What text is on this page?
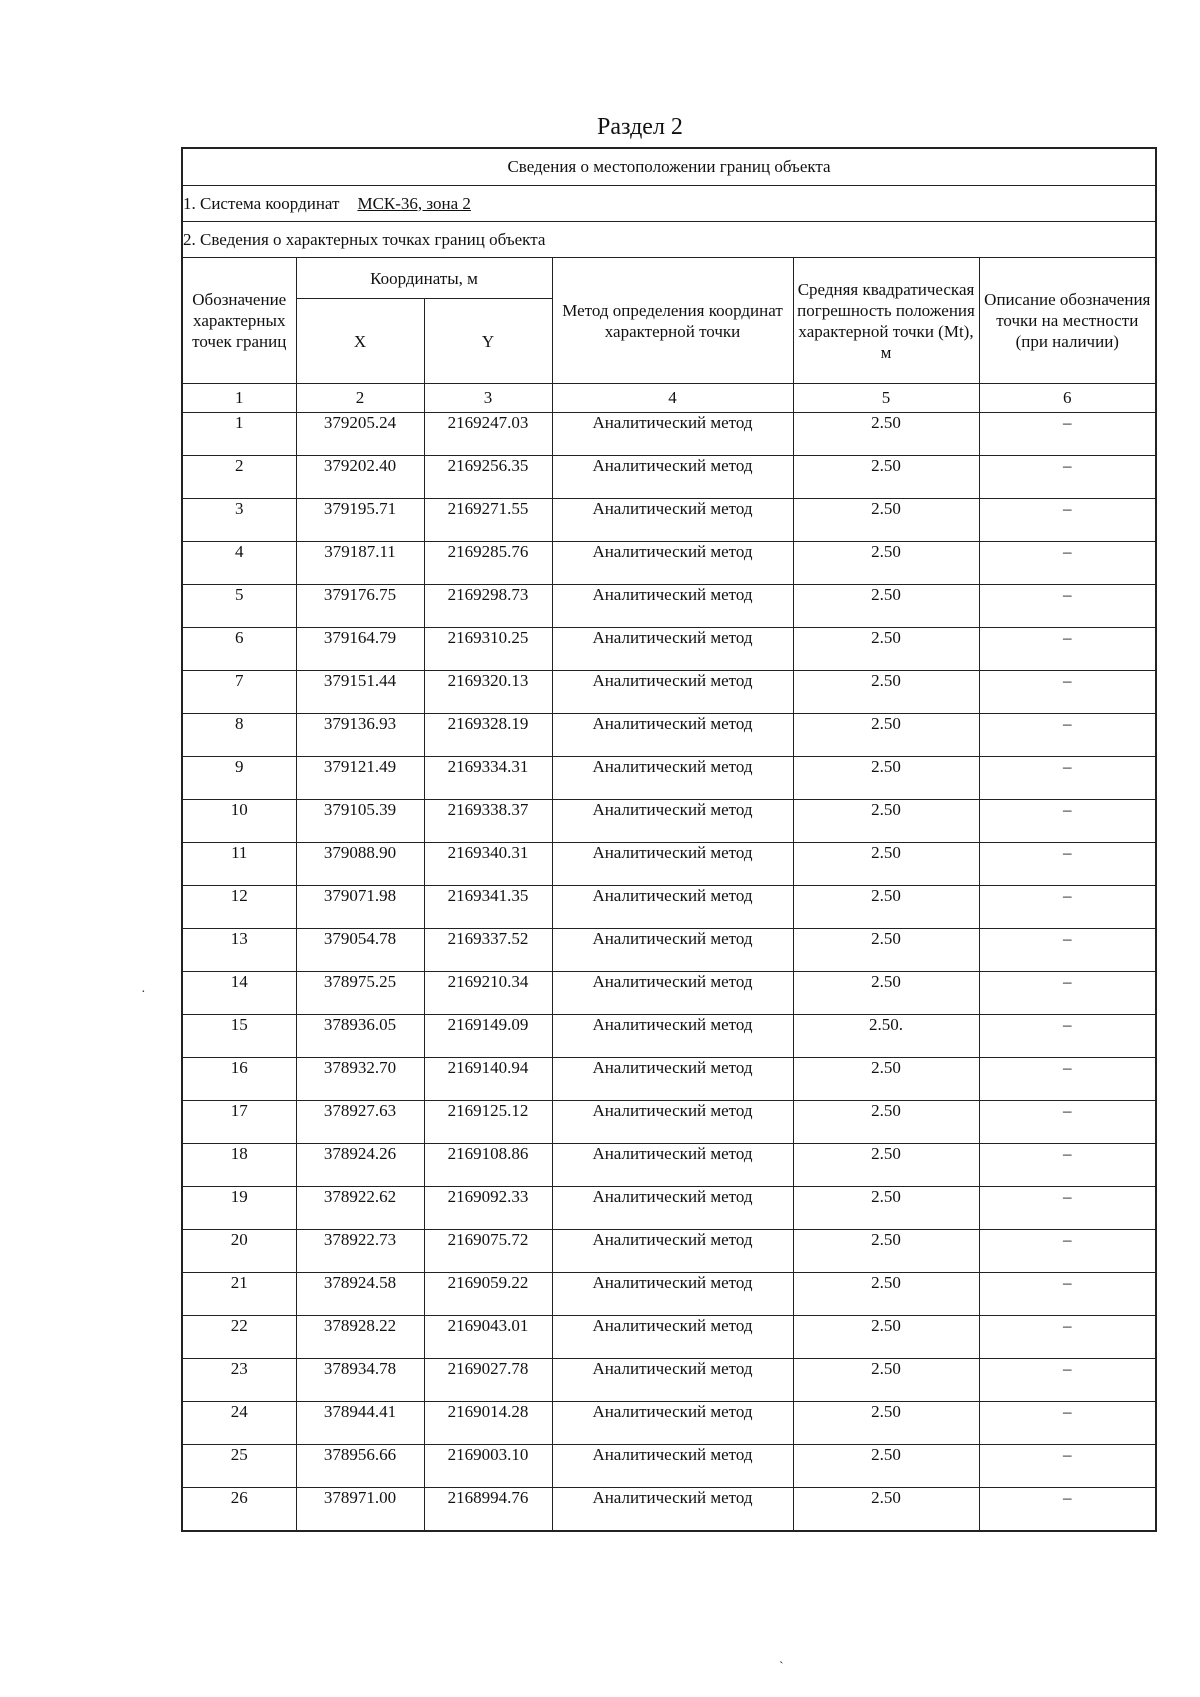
Раздел 2
Сведения о местоположении границ объекта					
1. Система координат МСК-36, зона 2					
2. Сведения о характерных точках границ объекта					
Обозначение характерных точек границ	Координаты, м		Метод определения координат характерной точки	Средняя квадратическая погрешность положения характерной точки (Mt), м	Описание обозначения точки на местности (при наличии)
	X	Y			
1	2	3	4	5	6
1	379205.24	2169247.03	Аналитический метод	2.50	–
2	379202.40	2169256.35	Аналитический метод	2.50	–
3	379195.71	2169271.55	Аналитический метод	2.50	–
4	379187.11	2169285.76	Аналитический метод	2.50	–
5	379176.75	2169298.73	Аналитический метод	2.50	–
6	379164.79	2169310.25	Аналитический метод	2.50	–
7	379151.44	2169320.13	Аналитический метод	2.50	–
8	379136.93	2169328.19	Аналитический метод	2.50	–
9	379121.49	2169334.31	Аналитический метод	2.50	–
10	379105.39	2169338.37	Аналитический метод	2.50	–
11	379088.90	2169340.31	Аналитический метод	2.50	–
12	379071.98	2169341.35	Аналитический метод	2.50	–
13	379054.78	2169337.52	Аналитический метод	2.50	–
14	378975.25	2169210.34	Аналитический метод	2.50	–
15	378936.05	2169149.09	Аналитический метод	2.50.	–
16	378932.70	2169140.94	Аналитический метод	2.50	–
17	378927.63	2169125.12	Аналитический метод	2.50	–
18	378924.26	2169108.86	Аналитический метод	2.50	–
19	378922.62	2169092.33	Аналитический метод	2.50	–
20	378922.73	2169075.72	Аналитический метод	2.50	–
21	378924.58	2169059.22	Аналитический метод	2.50	–
22	378928.22	2169043.01	Аналитический метод	2.50	–
23	378934.78	2169027.78	Аналитический метод	2.50	–
24	378944.41	2169014.28	Аналитический метод	2.50	–
25	378956.66	2169003.10	Аналитический метод	2.50	–
26	378971.00	2168994.76	Аналитический метод	2.50	–
·
`
